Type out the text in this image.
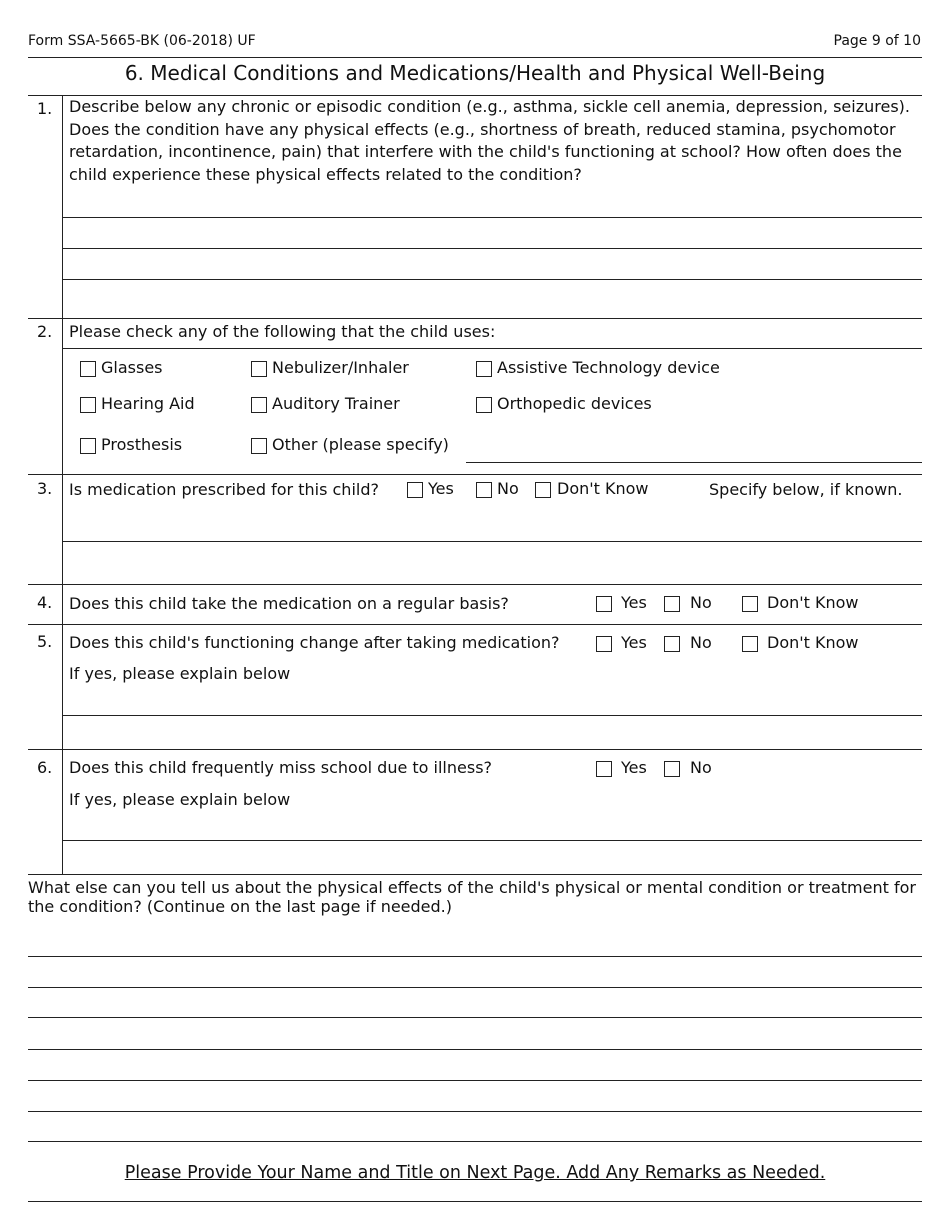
Form SSA-5665-BK (06-2018) UF	Page 9 of 10
6. Medical Conditions and Medications/Health and Physical Well-Being
1. Describe below any chronic or episodic condition (e.g., asthma, sickle cell anemia, depression, seizures). Does the condition have any physical effects (e.g., shortness of breath, reduced stamina, psychomotor retardation, incontinence, pain) that interfere with the child's functioning at school? How often does the child experience these physical effects related to the condition?
2. Please check any of the following that the child uses:
Glasses	Nebulizer/Inhaler	Assistive Technology device
Hearing Aid	Auditory Trainer	Orthopedic devices
Prosthesis	Other (please specify)
3. Is medication prescribed for this child?	Yes	No Don't Know	Specify below, if known.
4. Does this child take the medication on a regular basis?	Yes	No	Don't Know
5. Does this child's functioning change after taking medication?	Yes	No	Don't Know
If yes, please explain below
6. Does this child frequently miss school due to illness?	Yes	No
If yes, please explain below
What else can you tell us about the physical effects of the child's physical or mental condition or treatment for the condition? (Continue on the last page if needed.)
Please Provide Your Name and Title on Next Page. Add Any Remarks as Needed.
